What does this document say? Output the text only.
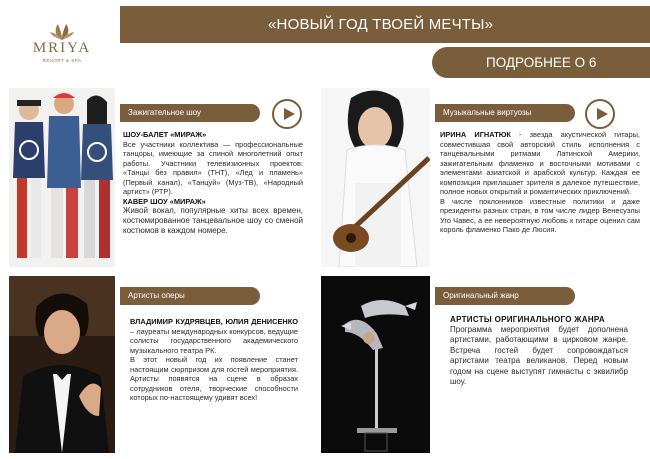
MRIYA
RESORT & SPA
«НОВЫЙ ГОД ТВОЕЙ МЕЧТЫ»
ПОДРОБНЕЕ О 6 АРТИСТАХ
Зажигательное шоу

ШОУ-БАЛЕТ «МИРАЖ»

Все участники коллектива — профессиональные танцоры, имеющие за спиной многолетний опыт работы. Участники телевизионных проектов: «Танцы без правил» (ТНТ), «Лед и пламень» (Первый канал), «Танцуй» (Муз-ТВ), «Народный артист» (РТР).

КАВЕР ШОУ «МИРАЖ»

Живой вокал, популярные хиты всех времен, костюмированное танцевальное шоу со сменой костюмов в каждом номере.

Музыкальные виртуозы

ИРИНА ИГНАТЮК - звезда акустической гитары, совместившая свой авторский стиль исполнения с танцевальными ритмами Латинской Америки, зажигательным фламенко и восточными мотивами с элементами азиатской и арабской культур. Каждая ее композиция приглашает зрителя в далекое путешествие, полное новых открытий и романтических приключений.

В числе поклонников известные политики и даже президенты разных стран, в том числе лидер Венесуэлы Уго Чавес, а ее невероятную любовь к гитаре оценил сам король фламенко Пако де Люсия.

Артисты оперы

ВЛАДИМИР КУДРЯВЦЕВ, ЮЛИЯ ДЕНИСЕНКО – лауреаты международных конкурсов, ведущие солисты государственного академического музыкального театра РК.

В этот новый год их появление станет настоящим сюрпризом для гостей мероприятия. Артисты появятся на сцене в образах сотрудников отеля, творческие способности которых по-настоящему удивят всех!

Оригинальный жанр

АРТИСТЫ ОРИГИНАЛЬНОГО ЖАНРА

Программа мероприятия будет дополнена артистами, работающими в цирковом жанре. Встреча гостей будет сопровождаться артистами театра великанов. Перед новым годом на сцене выступят гимнасты с эквилибр шоу.
